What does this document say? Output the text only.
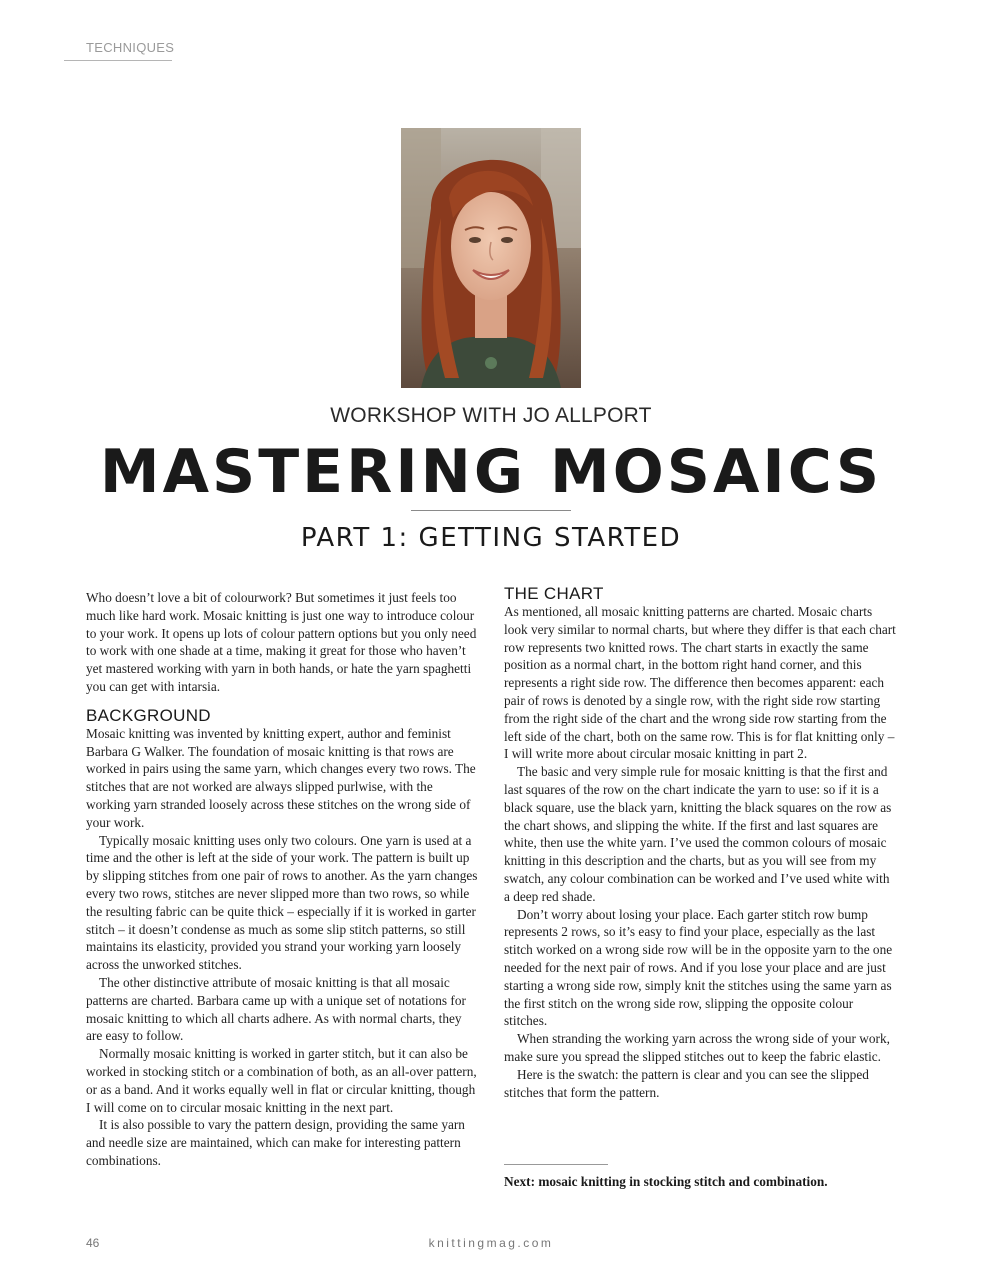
TECHNIQUES
WORKSHOP WITH JO ALLPORT
MASTERING MOSAICS
PART 1: GETTING STARTED

Who doesn’t love a bit of colourwork? But sometimes it just feels too much like hard work. Mosaic knitting is just one way to introduce colour to your work. It opens up lots of colour pattern options but you only need to work with one shade at a time, making it great for those who haven’t yet mastered working with yarn in both hands, or hate the yarn spaghetti you can get with intarsia.

BACKGROUND

Mosaic knitting was invented by knitting expert, author and feminist Barbara G Walker. The foundation of mosaic knitting is that rows are worked in pairs using the same yarn, which changes every two rows. The stitches that are not worked are always slipped purlwise, with the working yarn stranded loosely across these stitches on the wrong side of your work.

Typically mosaic knitting uses only two colours. One yarn is used at a time and the other is left at the side of your work. The pattern is built up by slipping stitches from one pair of rows to another. As the yarn changes every two rows, stitches are never slipped more than two rows, so while the resulting fabric can be quite thick – especially if it is worked in garter stitch – it doesn’t condense as much as some slip stitch patterns, so still maintains its elasticity, provided you strand your working yarn loosely across the unworked stitches.

The other distinctive attribute of mosaic knitting is that all mosaic patterns are charted. Barbara came up with a unique set of notations for mosaic knitting to which all charts adhere. As with normal charts, they are easy to follow.

Normally mosaic knitting is worked in garter stitch, but it can also be worked in stocking stitch or a combination of both, as an all-over pattern, or as a band. And it works equally well in flat or circular knitting, though I will come on to circular mosaic knitting in the next part.

It is also possible to vary the pattern design, providing the same yarn and needle size are maintained, which can make for interesting pattern combinations.

THE CHART

As mentioned, all mosaic knitting patterns are charted. Mosaic charts look very similar to normal charts, but where they differ is that each chart row represents two knitted rows. The chart starts in exactly the same position as a normal chart, in the bottom right hand corner, and this represents a right side row. The difference then becomes apparent: each pair of rows is denoted by a single row, with the right side row starting from the right side of the chart and the wrong side row starting from the left side of the chart, both on the same row. This is for flat knitting only – I will write more about circular mosaic knitting in part 2.

The basic and very simple rule for mosaic knitting is that the first and last squares of the row on the chart indicate the yarn to use: so if it is a black square, use the black yarn, knitting the black squares on the row as the chart shows, and slipping the white. If the first and last squares are white, then use the white yarn. I’ve used the common colours of mosaic knitting in this description and the charts, but as you will see from my swatch, any colour combination can be worked and I’ve used white with a deep red shade.

Don’t worry about losing your place. Each garter stitch row bump represents 2 rows, so it’s easy to find your place, especially as the last stitch worked on a wrong side row will be in the opposite yarn to the one needed for the next pair of rows. And if you lose your place and are just starting a wrong side row, simply knit the stitches using the same yarn as the first stitch on the wrong side row, slipping the opposite colour stitches.

When stranding the working yarn across the wrong side of your work, make sure you spread the slipped stitches out to keep the fabric elastic.

Here is the swatch: the pattern is clear and you can see the slipped stitches that form the pattern.

Next: mosaic knitting in stocking stitch and combination.
46	knittingmag.com
